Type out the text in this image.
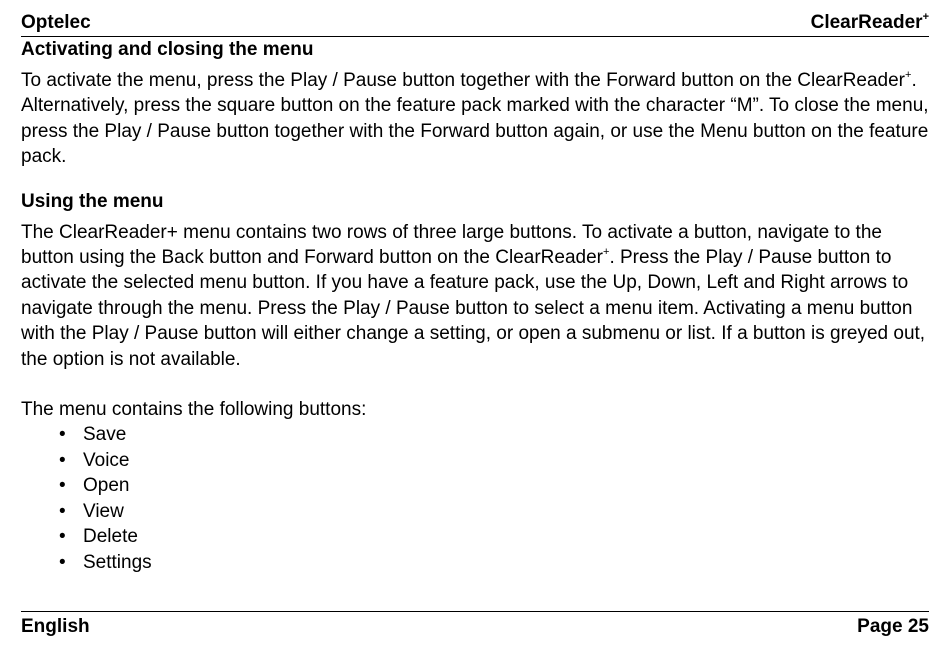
Optelec	ClearReader+
Activating and closing the menu

To activate the menu, press the Play / Pause button together with the Forward button on the ClearReader+. Alternatively, press the square button on the feature pack marked with the character “M”. To close the menu, press the Play / Pause button together with the Forward button again, or use the Menu button on the feature pack.

Using the menu

The ClearReader+ menu contains two rows of three large buttons. To activate a button, navigate to the button using the Back button and Forward button on the ClearReader+. Press the Play / Pause button to activate the selected menu button. If you have a feature pack, use the Up, Down, Left and Right arrows to navigate through the menu. Press the Play / Pause button to select a menu item. Activating a menu button with the Play / Pause button will either change a setting, or open a submenu or list. If a button is greyed out, the option is not available.

The menu contains the following buttons:

• Save
• Voice
• Open
• View
• Delete
• Settings
English	Page 25
